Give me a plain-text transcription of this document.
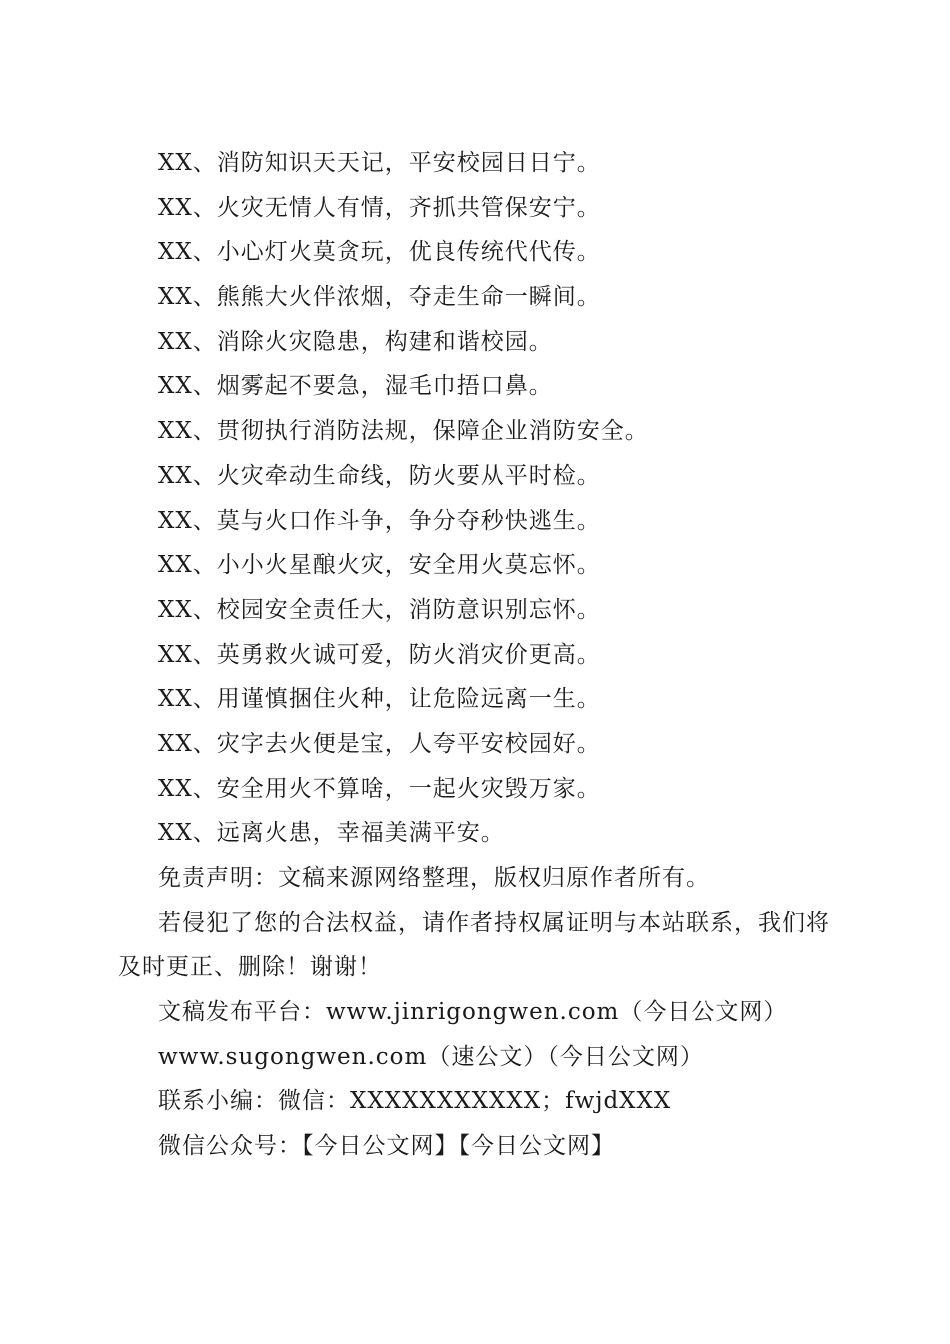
XX、消防知识天天记，平安校园日日宁。
XX、火灾无情人有情，齐抓共管保安宁。
XX、小心灯火莫贪玩，优良传统代代传。
XX、熊熊大火伴浓烟，夺走生命一瞬间。
XX、消除火灾隐患，构建和谐校园。
XX、烟雾起不要急，湿毛巾捂口鼻。
XX、贯彻执行消防法规，保障企业消防安全。
XX、火灾牵动生命线，防火要从平时检。
XX、莫与火口作斗争，争分夺秒快逃生。
XX、小小火星酿火灾，安全用火莫忘怀。
XX、校园安全责任大，消防意识别忘怀。
XX、英勇救火诚可爱，防火消灾价更高。
XX、用谨慎捆住火种，让危险远离一生。
XX、灾字去火便是宝，人夸平安校园好。
XX、安全用火不算啥，一起火灾毁万家。
XX、远离火患，幸福美满平安。
免责声明：文稿来源网络整理，版权归原作者所有。

若侵犯了您的合法权益，请作者持权属证明与本站联系，我们将及时更正、删除！谢谢！

文稿发布平台：www.jinrigongwen.com（今日公文网）
www.sugongwen.com（速公文）（今日公文网）
联系小编：微信：XXXXXXXXXXX；fwjdXXX
微信公众号：【今日公文网】【今日公文网】
